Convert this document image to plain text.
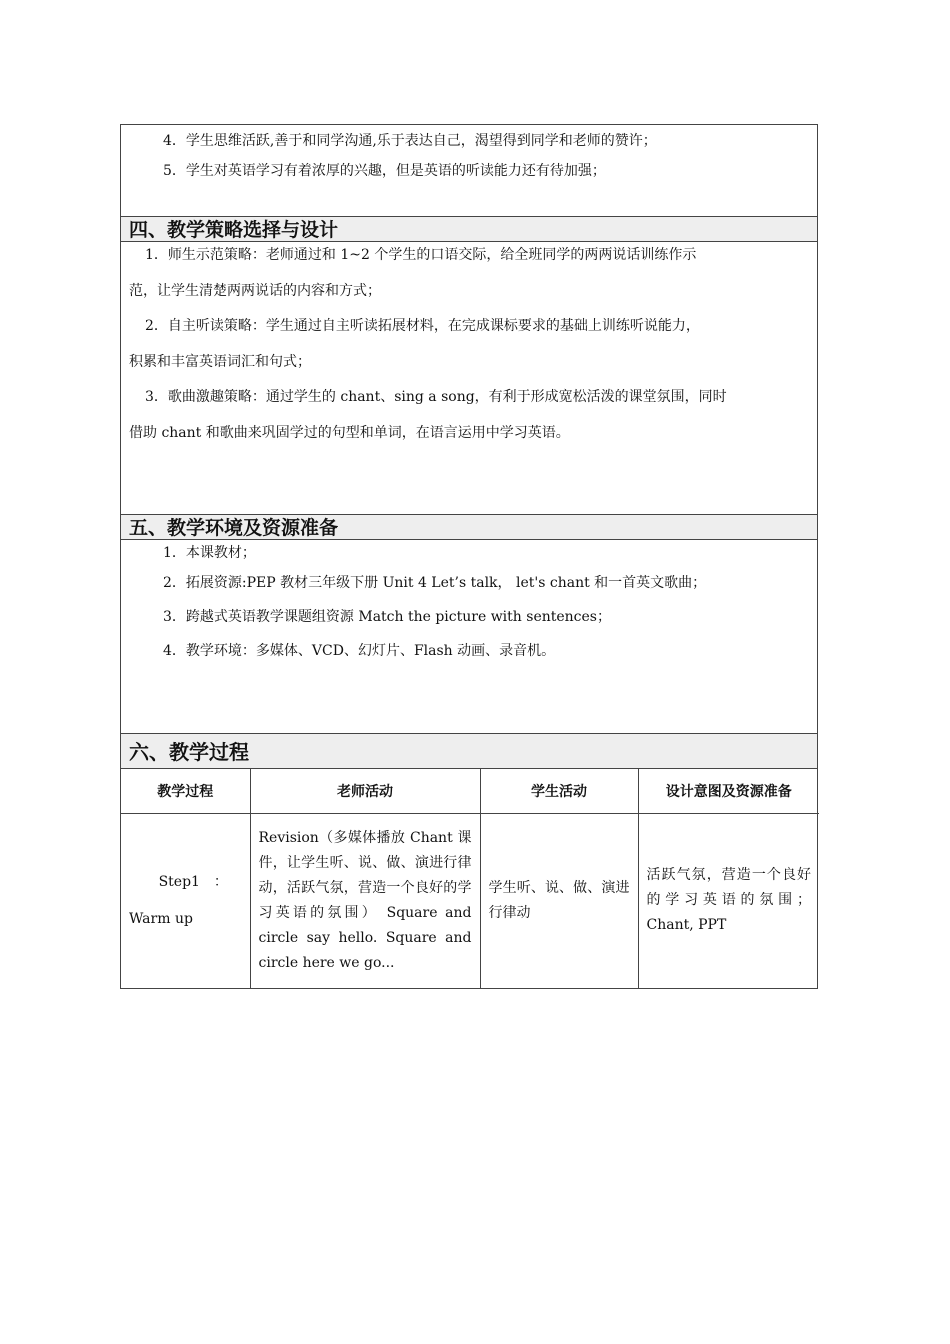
4．学生思维活跃,善于和同学沟通,乐于表达自己，渴望得到同学和老师的赞许；

5．学生对英语学习有着浓厚的兴趣，但是英语的听读能力还有待加强；

四、教学策略选择与设计

1．师生示范策略：老师通过和 1~2 个学生的口语交际，给全班同学的两两说话训练作示

范，让学生清楚两两说话的内容和方式；

2．自主听读策略：学生通过自主听读拓展材料，在完成课标要求的基础上训练听说能力，

积累和丰富英语词汇和句式；

3．歌曲激趣策略：通过学生的 chant、sing a song，有利于形成宽松活泼的课堂氛围，同时

借助 chant 和歌曲来巩固学过的句型和单词，在语言运用中学习英语。

五、教学环境及资源准备

1．本课教材；

2．拓展资源:PEP 教材三年级下册 Unit 4 Let’s talk， let's chant 和一首英文歌曲；

3．跨越式英语教学课题组资源 Match the picture with sentences；

4．教学环境：多媒体、VCD、幻灯片、Flash 动画、录音机。

六、教学过程
教学过程	老师活动	学生活动	设计意图及资源准备

Step1　：
Warm up	Revision（多媒体播放 Chant 课件，让学生听、说、做、演进行律动，活跃气氛，营造一个良好的学习英语的氛围） Square and circle say hello. Square and circle here we go...	学生听、说、做、演进行律动	活跃气氛，营造一个良好的学习英语的氛围； Chant, PPT
